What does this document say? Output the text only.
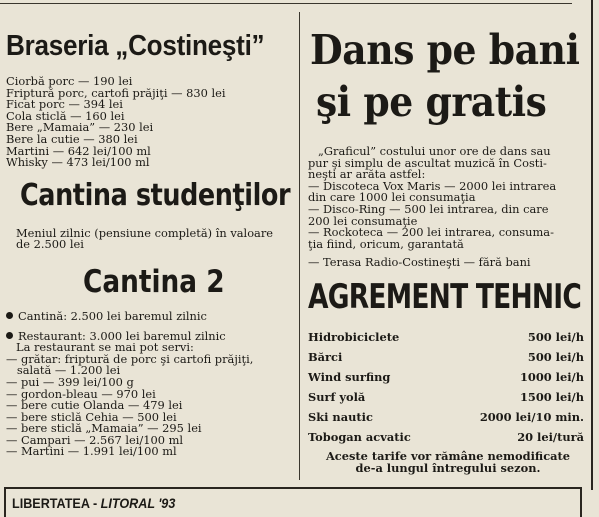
Braseria „Costineşti”
Ciorbă porc — 190 lei
Friptură porc, cartofi prăjiţi — 830 lei
Ficat porc — 394 lei
Cola sticlă — 160 lei
Bere „Mamaia” — 230 lei
Bere la cutie — 380 lei
Martini — 642 lei/100 ml
Whisky — 473 lei/100 ml
Cantina studenţilor
Meniul zilnic (pensiune completă) în valoare
de 2.500 lei
Cantina 2
Cantină: 2.500 lei baremul zilnic
Restaurant: 3.000 lei baremul zilnic
La restaurant se mai pot servi:
— grătar: friptură de porc şi cartofi prăjiţi,
salată — 1.200 lei
— pui — 399 lei/100 g
— gordon-bleau — 970 lei
— bere cutie Olanda — 479 lei
— bere sticlă Cehia — 500 lei
— bere sticlă „Mamaia” — 295 lei
— Campari — 2.567 lei/100 ml
— Martini — 1.991 lei/100 ml
Dans pe bani
şi pe gratis
„Graficul” costului unor ore de dans sau
pur şi simplu de ascultat muzică în Costi-
neşti ar arăta astfel:
— Discoteca Vox Maris — 2000 lei intrarea
din care 1000 lei consumaţia
— Disco-Ring — 500 lei intrarea, din care
200 lei consumaţie
— Rockoteca — 200 lei intrarea, consuma-
ţia fiind, oricum, garantată
— Terasa Radio-Costineşti — fără bani
AGREMENT TEHNIC
Hidrobiciclete	500 lei/h
Bărci	500 lei/h
Wind surfing	1000 lei/h
Surf yolă	1500 lei/h
Ski nautic	2000 lei/10 min.
Tobogan acvatic	20 lei/tură
Aceste tarife vor rămâne nemodificate
de-a lungul întregului sezon.
LIBERTATEA - LITORAL '93
